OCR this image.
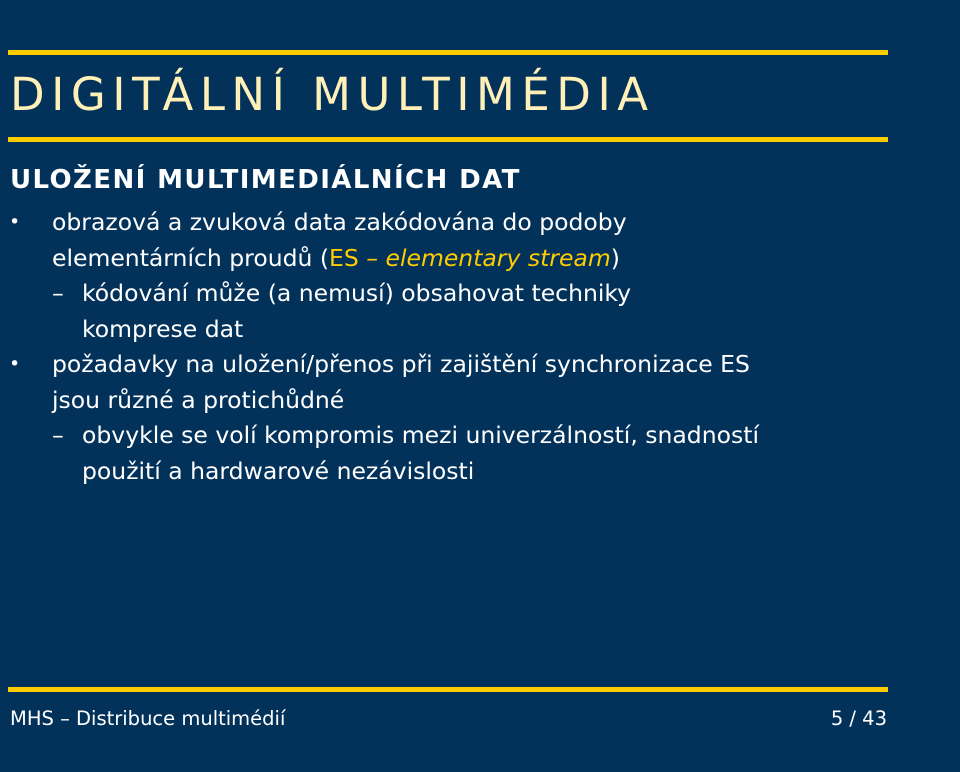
DIGITÁLNÍ MULTIMÉDIA
ULOŽENÍ MULTIMEDIÁLNÍCH DAT
• obrazová a zvuková data zakódována do podoby
elementárních proudů (ES – elementary stream)
– kódování může (a nemusí) obsahovat techniky
komprese dat
• požadavky na uložení/přenos při zajištění synchronizace ES
jsou různé a protichůdné
– obvykle se volí kompromis mezi univerzálností, snadností
použití a hardwarové nezávislosti
MHS – Distribuce multimédií	5 / 43
